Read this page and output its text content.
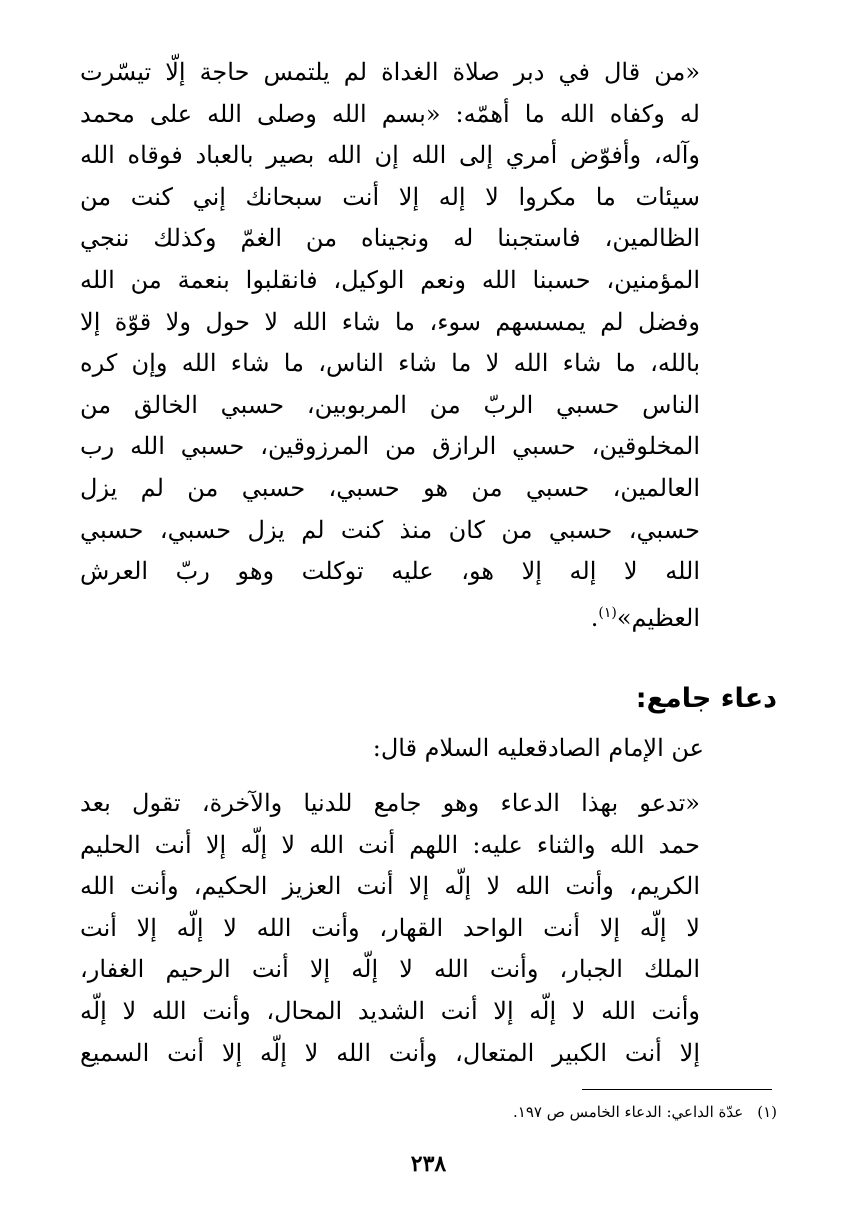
«من قال في دبر صلاة الغداة لم يلتمس حاجة إلّا تيسّرت
له وكفاه الله ما أهمّه: «بسم الله وصلى الله على محمد
وآله، وأفوّض أمري إلى الله إن الله بصير بالعباد فوقاه الله
سيئات ما مكروا لا إله إلا أنت سبحانك إني كنت من
الظالمين، فاستجبنا له ونجيناه من الغمّ وكذلك ننجي
المؤمنين، حسبنا الله ونعم الوكيل، فانقلبوا بنعمة من الله
وفضل لم يمسسهم سوء، ما شاء الله لا حول ولا قوّة إلا
بالله، ما شاء الله لا ما شاء الناس، ما شاء الله وإن كره
الناس حسبي الربّ من المربوبين، حسبي الخالق من
المخلوقين، حسبي الرازق من المرزوقين، حسبي الله رب
العالمين، حسبي من هو حسبي، حسبي من لم يزل
حسبي، حسبي من كان منذ كنت لم يزل حسبي، حسبي
الله لا إله إلا هو، عليه توكلت وهو ربّ العرش
العظيم»$^{(١)}$.
دعاء جامع:
عن الإمام الصادقعليه السلام قال:
«تدعو بهذا الدعاء وهو جامع للدنيا والآخرة، تقول بعد
حمد الله والثناء عليه: اللهم أنت الله لا إلّه إلا أنت الحليم
الكريم، وأنت الله لا إلّه إلا أنت العزيز الحكيم، وأنت الله
لا إلّه إلا أنت الواحد القهار، وأنت الله لا إلّه إلا أنت
الملك الجبار، وأنت الله لا إلّه إلا أنت الرحيم الغفار،
وأنت الله لا إلّه إلا أنت الشديد المحال، وأنت الله لا إلّه
إلا أنت الكبير المتعال، وأنت الله لا إلّه إلا أنت السميع
(١)عدّة الداعي: الدعاء الخامس ص ١٩٧.
٢٣٨
